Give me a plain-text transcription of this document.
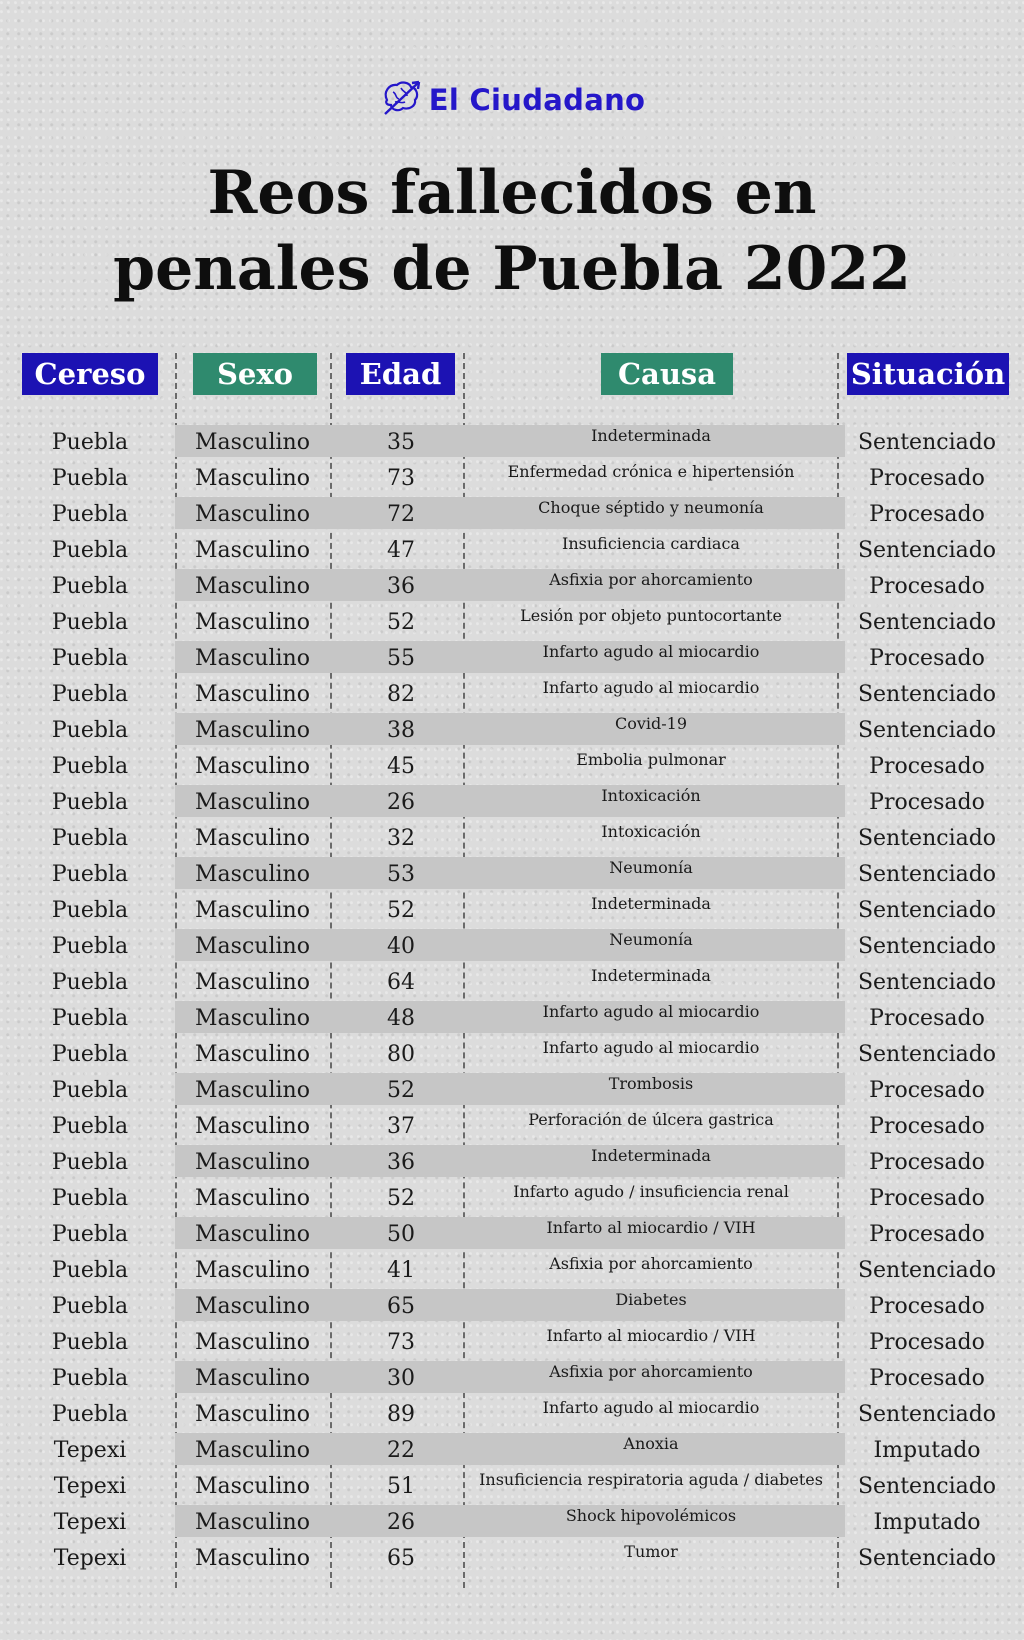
El Ciudadano
Reos fallecidos en
penales de Puebla 2022
Cereso	Sexo	Edad	Causa	Situación
Puebla	Masculino	35	Indeterminada	Sentenciado
Puebla	Masculino	73	Enfermedad crónica e hipertensión	Procesado
Puebla	Masculino	72	Choque séptido y neumonía	Procesado
Puebla	Masculino	47	Insuficiencia cardiaca	Sentenciado
Puebla	Masculino	36	Asfixia por ahorcamiento	Procesado
Puebla	Masculino	52	Lesión por objeto puntocortante	Sentenciado
Puebla	Masculino	55	Infarto agudo al miocardio	Procesado
Puebla	Masculino	82	Infarto agudo al miocardio	Sentenciado
Puebla	Masculino	38	Covid-19	Sentenciado
Puebla	Masculino	45	Embolia pulmonar	Procesado
Puebla	Masculino	26	Intoxicación	Procesado
Puebla	Masculino	32	Intoxicación	Sentenciado
Puebla	Masculino	53	Neumonía	Sentenciado
Puebla	Masculino	52	Indeterminada	Sentenciado
Puebla	Masculino	40	Neumonía	Sentenciado
Puebla	Masculino	64	Indeterminada	Sentenciado
Puebla	Masculino	48	Infarto agudo al miocardio	Procesado
Puebla	Masculino	80	Infarto agudo al miocardio	Sentenciado
Puebla	Masculino	52	Trombosis	Procesado
Puebla	Masculino	37	Perforación de úlcera gastrica	Procesado
Puebla	Masculino	36	Indeterminada	Procesado
Puebla	Masculino	52	Infarto agudo / insuficiencia renal	Procesado
Puebla	Masculino	50	Infarto al miocardio / VIH	Procesado
Puebla	Masculino	41	Asfixia por ahorcamiento	Sentenciado
Puebla	Masculino	65	Diabetes	Procesado
Puebla	Masculino	73	Infarto al miocardio / VIH	Procesado
Puebla	Masculino	30	Asfixia por ahorcamiento	Procesado
Puebla	Masculino	89	Infarto agudo al miocardio	Sentenciado
Tepexi	Masculino	22	Anoxia	Imputado
Tepexi	Masculino	51	Insuficiencia respiratoria aguda / diabetes	Sentenciado
Tepexi	Masculino	26	Shock hipovolémicos	Imputado
Tepexi	Masculino	65	Tumor	Sentenciado
